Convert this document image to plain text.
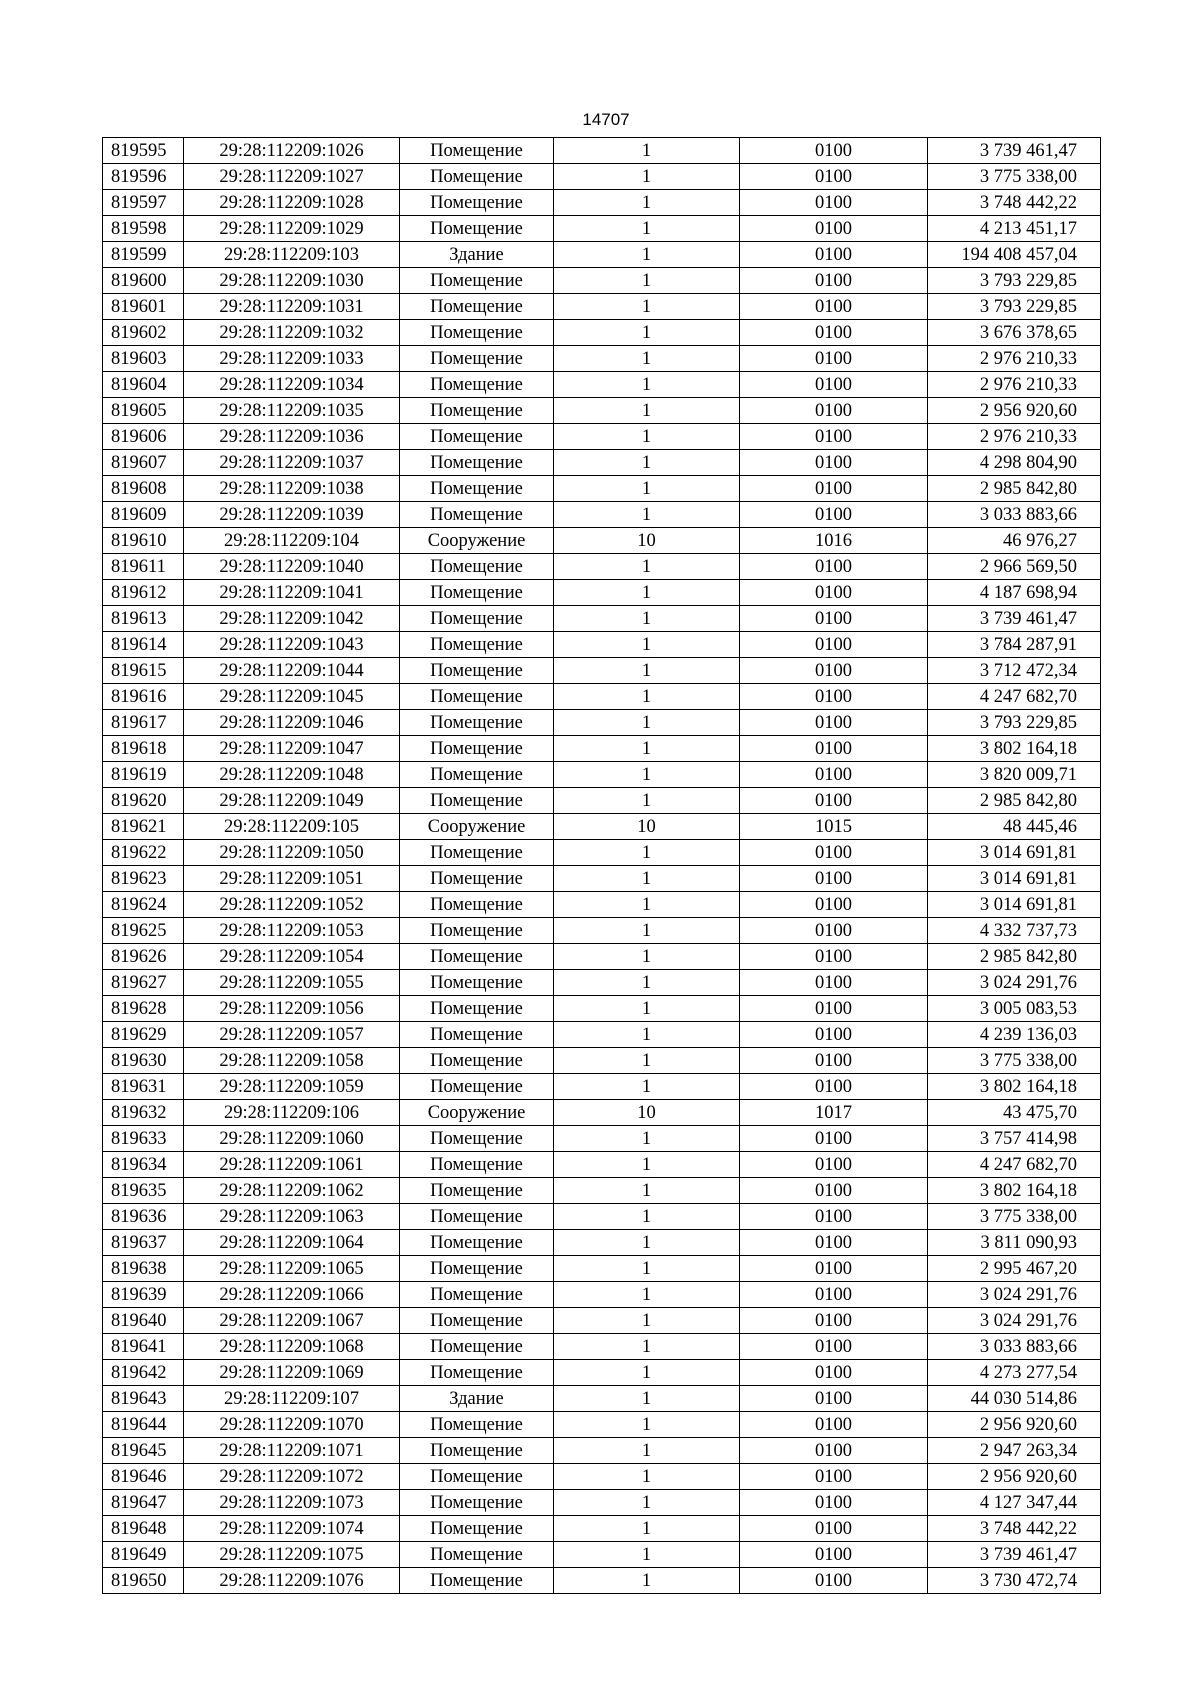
14707
819595	29:28:112209:1026	Помещение	1	0100	3 739 461,47
819596	29:28:112209:1027	Помещение	1	0100	3 775 338,00
819597	29:28:112209:1028	Помещение	1	0100	3 748 442,22
819598	29:28:112209:1029	Помещение	1	0100	4 213 451,17
819599	29:28:112209:103	Здание	1	0100	194 408 457,04
819600	29:28:112209:1030	Помещение	1	0100	3 793 229,85
819601	29:28:112209:1031	Помещение	1	0100	3 793 229,85
819602	29:28:112209:1032	Помещение	1	0100	3 676 378,65
819603	29:28:112209:1033	Помещение	1	0100	2 976 210,33
819604	29:28:112209:1034	Помещение	1	0100	2 976 210,33
819605	29:28:112209:1035	Помещение	1	0100	2 956 920,60
819606	29:28:112209:1036	Помещение	1	0100	2 976 210,33
819607	29:28:112209:1037	Помещение	1	0100	4 298 804,90
819608	29:28:112209:1038	Помещение	1	0100	2 985 842,80
819609	29:28:112209:1039	Помещение	1	0100	3 033 883,66
819610	29:28:112209:104	Сооружение	10	1016	46 976,27
819611	29:28:112209:1040	Помещение	1	0100	2 966 569,50
819612	29:28:112209:1041	Помещение	1	0100	4 187 698,94
819613	29:28:112209:1042	Помещение	1	0100	3 739 461,47
819614	29:28:112209:1043	Помещение	1	0100	3 784 287,91
819615	29:28:112209:1044	Помещение	1	0100	3 712 472,34
819616	29:28:112209:1045	Помещение	1	0100	4 247 682,70
819617	29:28:112209:1046	Помещение	1	0100	3 793 229,85
819618	29:28:112209:1047	Помещение	1	0100	3 802 164,18
819619	29:28:112209:1048	Помещение	1	0100	3 820 009,71
819620	29:28:112209:1049	Помещение	1	0100	2 985 842,80
819621	29:28:112209:105	Сооружение	10	1015	48 445,46
819622	29:28:112209:1050	Помещение	1	0100	3 014 691,81
819623	29:28:112209:1051	Помещение	1	0100	3 014 691,81
819624	29:28:112209:1052	Помещение	1	0100	3 014 691,81
819625	29:28:112209:1053	Помещение	1	0100	4 332 737,73
819626	29:28:112209:1054	Помещение	1	0100	2 985 842,80
819627	29:28:112209:1055	Помещение	1	0100	3 024 291,76
819628	29:28:112209:1056	Помещение	1	0100	3 005 083,53
819629	29:28:112209:1057	Помещение	1	0100	4 239 136,03
819630	29:28:112209:1058	Помещение	1	0100	3 775 338,00
819631	29:28:112209:1059	Помещение	1	0100	3 802 164,18
819632	29:28:112209:106	Сооружение	10	1017	43 475,70
819633	29:28:112209:1060	Помещение	1	0100	3 757 414,98
819634	29:28:112209:1061	Помещение	1	0100	4 247 682,70
819635	29:28:112209:1062	Помещение	1	0100	3 802 164,18
819636	29:28:112209:1063	Помещение	1	0100	3 775 338,00
819637	29:28:112209:1064	Помещение	1	0100	3 811 090,93
819638	29:28:112209:1065	Помещение	1	0100	2 995 467,20
819639	29:28:112209:1066	Помещение	1	0100	3 024 291,76
819640	29:28:112209:1067	Помещение	1	0100	3 024 291,76
819641	29:28:112209:1068	Помещение	1	0100	3 033 883,66
819642	29:28:112209:1069	Помещение	1	0100	4 273 277,54
819643	29:28:112209:107	Здание	1	0100	44 030 514,86
819644	29:28:112209:1070	Помещение	1	0100	2 956 920,60
819645	29:28:112209:1071	Помещение	1	0100	2 947 263,34
819646	29:28:112209:1072	Помещение	1	0100	2 956 920,60
819647	29:28:112209:1073	Помещение	1	0100	4 127 347,44
819648	29:28:112209:1074	Помещение	1	0100	3 748 442,22
819649	29:28:112209:1075	Помещение	1	0100	3 739 461,47
819650	29:28:112209:1076	Помещение	1	0100	3 730 472,74
